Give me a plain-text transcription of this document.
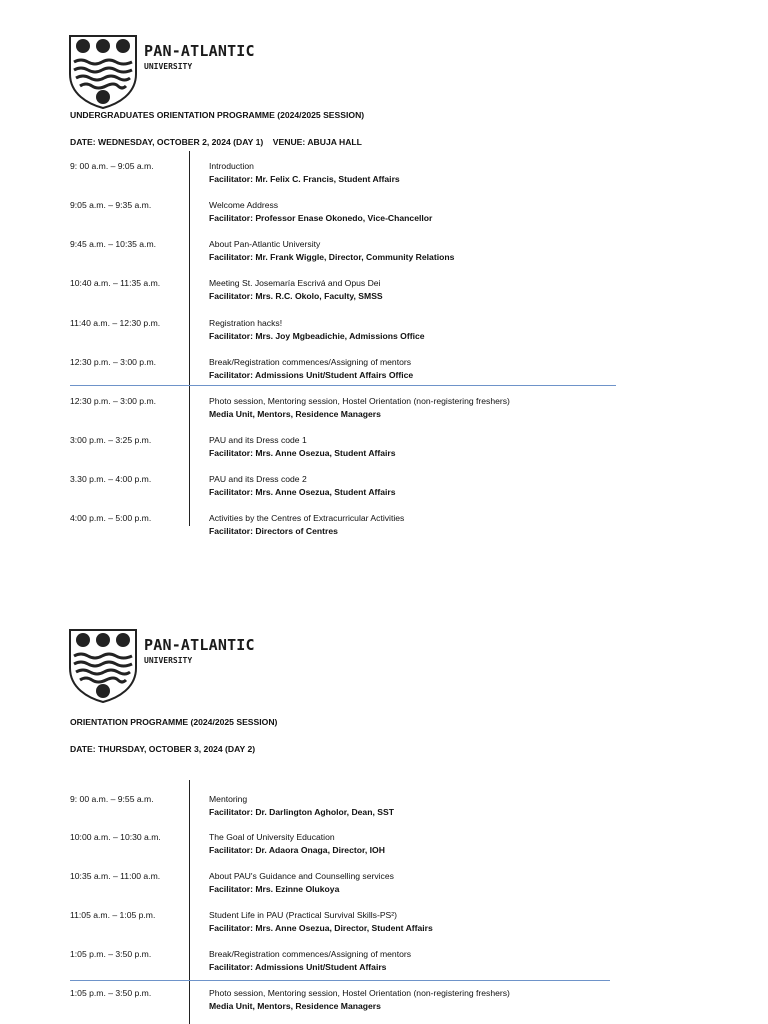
PAN-ATLANTIC
UNIVERSITY
UNDERGRADUATES ORIENTATION PROGRAMME (2024/2025 SESSION)
DATE: WEDNESDAY, OCTOBER 2, 2024 (DAY 1)    VENUE: ABUJA HALL
9: 00 a.m. – 9:05 a.m.	Introduction
Facilitator: Mr. Felix C. Francis, Student Affairs
9:05 a.m. – 9:35 a.m.	Welcome Address
Facilitator: Professor Enase Okonedo, Vice-Chancellor
9:45 a.m. – 10:35 a.m.	About Pan-Atlantic University
Facilitator: Mr. Frank Wiggle, Director, Community Relations
10:40 a.m. – 11:35 a.m.	Meeting St. Josemaría Escrivá and Opus Dei
Facilitator: Mrs. R.C. Okolo, Faculty, SMSS
11:40 a.m. – 12:30 p.m.	Registration hacks!
Facilitator: Mrs. Joy Mgbeadichie, Admissions Office
12:30 p.m. – 3:00 p.m.	Break/Registration commences/Assigning of mentors
Facilitator: Admissions Unit/Student Affairs Office
12:30 p.m. – 3:00 p.m.	Photo session, Mentoring session, Hostel Orientation (non-registering freshers)
Media Unit, Mentors, Residence Managers
3:00 p.m. – 3:25 p.m.	PAU and its Dress code 1
Facilitator: Mrs. Anne Osezua, Student Affairs
3.30 p.m. – 4:00 p.m.	PAU and its Dress code 2
Facilitator: Mrs. Anne Osezua, Student Affairs
4:00 p.m. – 5:00 p.m.	Activities by the Centres of Extracurricular Activities
Facilitator: Directors of Centres
PAN-ATLANTIC
UNIVERSITY
ORIENTATION PROGRAMME (2024/2025 SESSION)
DATE: THURSDAY, OCTOBER 3, 2024 (DAY 2)
9: 00 a.m. – 9:55 a.m.	Mentoring
Facilitator: Dr. Darlington Agholor, Dean, SST
10:00 a.m. – 10:30 a.m.	The Goal of University Education
Facilitator: Dr. Adaora Onaga, Director, IOH
10:35 a.m. – 11:00 a.m.	About PAU's Guidance and Counselling services
Facilitator: Mrs. Ezinne Olukoya
11:05 a.m. – 1:05 p.m.	Student Life in PAU (Practical Survival Skills-PS²)
Facilitator: Mrs. Anne Osezua, Director, Student Affairs
1:05 p.m. – 3:50 p.m.	Break/Registration commences/Assigning of mentors
Facilitator: Admissions Unit/Student Affairs
1:05 p.m. – 3:50 p.m.	Photo session, Mentoring session, Hostel Orientation (non-registering freshers)
Media Unit, Mentors, Residence Managers
